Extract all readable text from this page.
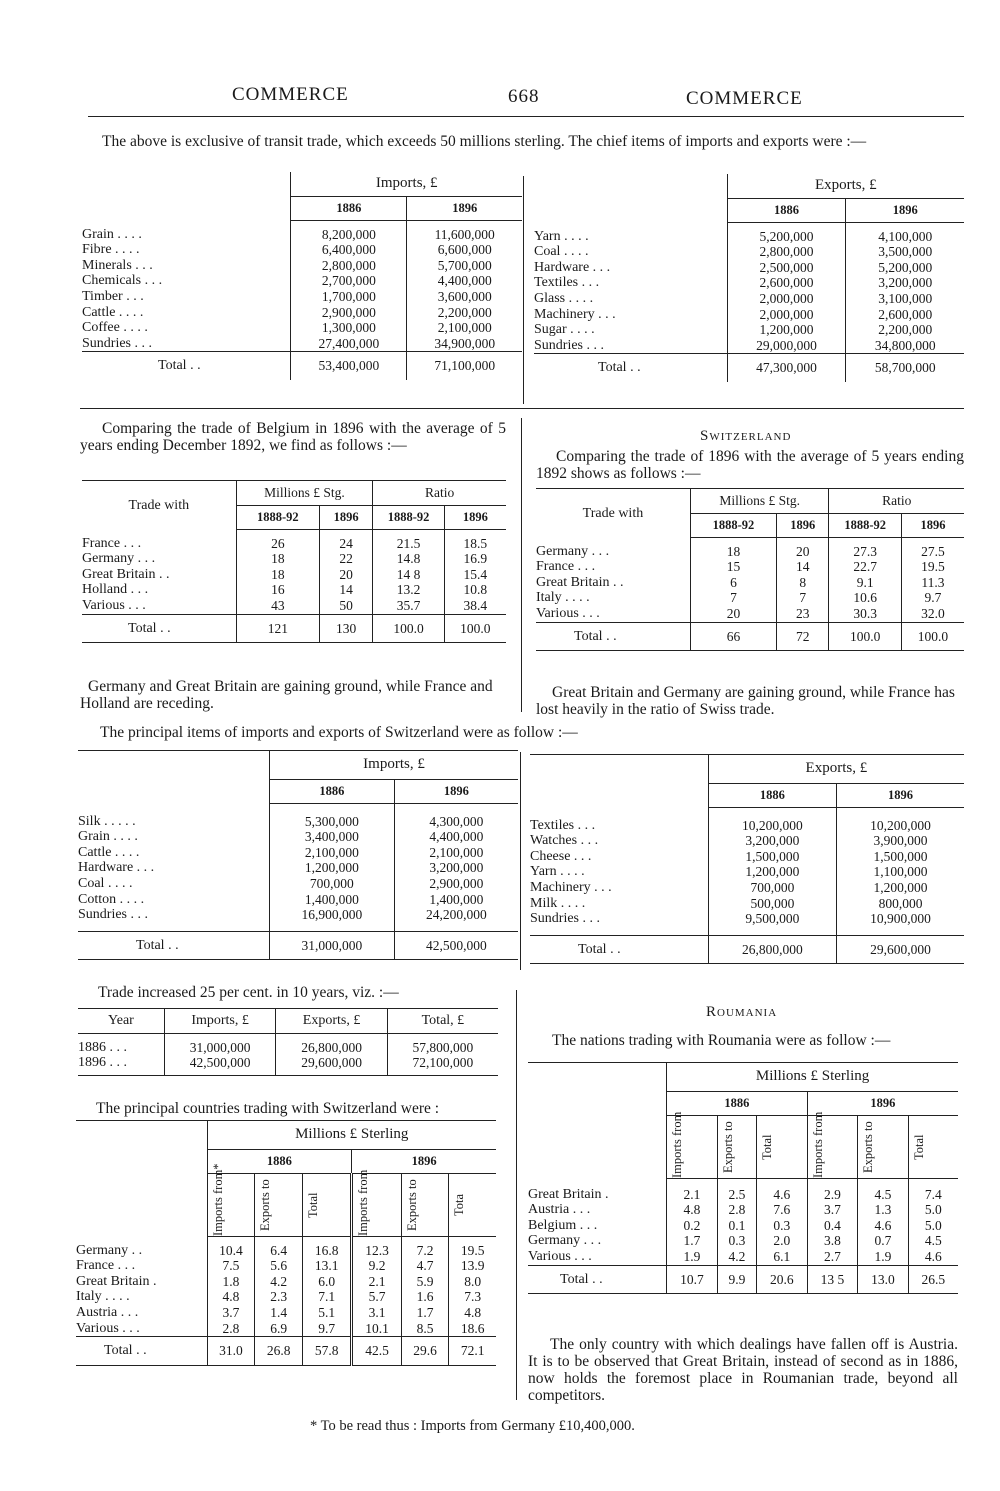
COMMERCE	668	COMMERCE
The above is exclusive of transit trade, which exceeds 50 millions sterling. The chief items of imports and exports were :—
	Imports, £	
	1886	1896

Grain . . . .	8,200,000	11,600,000
Fibre . . . .	6,400,000	6,600,000
Minerals . . .	2,800,000	5,700,000
Chemicals . . .	2,700,000	4,400,000
Timber . . .	1,700,000	3,600,000
Cattle . . . .	2,900,000	2,200,000
Coffee . . . .	1,300,000	2,100,000
Sundries . . .	27,400,000	34,900,000
Total . .	53,400,000	71,100,000
	Exports, £	
	1886	1896

Yarn . . . .	5,200,000	4,100,000
Coal . . . .	2,800,000	3,500,000
Hardware . . .	2,500,000	5,200,000
Textiles . . .	2,600,000	3,200,000
Glass . . . .	2,000,000	3,100,000
Machinery . . .	2,000,000	2,600,000
Sugar . . . .	1,200,000	2,200,000
Sundries . . .	29,000,000	34,800,000
Total . .	47,300,000	58,700,000
Comparing the trade of Belgium in 1896 with the average of 5 years ending December 1892, we find as follows :—
Trade with	Millions £ Stg.		Ratio	
	1888-92	1896	1888-92	1896

France . . .	26	24	21.5	18.5
Germany . . .	18	22	14.8	16.9
Great Britain . .	18	20	14 8	15.4
Holland . . .	16	14	13.2	10.8
Various . . .	43	50	35.7	38.4
Total . .	121	130	100.0	100.0
Germany and Great Britain are gaining ground, while France and Holland are receding.
Switzerland
Comparing the trade of 1896 with the average of 5 years ending 1892 shows as follows :—
Trade with	Millions £ Stg.		Ratio	
	1888-92	1896	1888-92	1896

Germany . . .	18	20	27.3	27.5
France . . .	15	14	22.7	19.5
Great Britain . .	6	8	9.1	11.3
Italy . . . .	7	7	10.6	9.7
Various . . .	20	23	30.3	32.0
Total . .	66	72	100.0	100.0
Great Britain and Germany are gaining ground, while France has lost heavily in the ratio of Swiss trade.
The principal items of imports and exports of Switzerland were as follow :—
	Imports, £	
	1886	1896

Silk . . . . .	5,300,000	4,300,000
Grain . . . .	3,400,000	4,400,000
Cattle . . . .	2,100,000	2,100,000
Hardware . . .	1,200,000	3,200,000
Coal . . . .	700,000	2,900,000
Cotton . . . .	1,400,000	1,400,000
Sundries . . .	16,900,000	24,200,000

Total . .	31,000,000	42,500,000
	Exports, £	
	1886	1896

Textiles . . .	10,200,000	10,200,000
Watches . . .	3,200,000	3,900,000
Cheese . . .	1,500,000	1,500,000
Yarn . . . .	1,200,000	1,100,000
Machinery . . .	700,000	1,200,000
Milk . . . .	500,000	800,000
Sundries . . .	9,500,000	10,900,000

Total . .	26,800,000	29,600,000
Trade increased 25 per cent. in 10 years, viz. :—
Year	Imports, £	Exports, £	Total, £

1886 . . .	31,000,000	26,800,000	57,800,000
1896 . . .	42,500,000	29,600,000	72,100,000

The principal countries trading with Switzerland were :
	Millions £ Sterling					
	1886			1896		

	Imports from*	Exports to	Total	Imports from	Exports to	Tota

Germany . .	10.4	6.4	16.8	12.3	7.2	19.5
France . . .	7.5	5.6	13.1	9.2	4.7	13.9
Great Britain .	1.8	4.2	6.0	2.1	5.9	8.0
Italy . . . .	4.8	2.3	7.1	5.7	1.6	7.3
Austria . . .	3.7	1.4	5.1	3.1	1.7	4.8
Various . . .	2.8	6.9	9.7	10.1	8.5	18.6
Total . .	31.0	26.8	57.8	42.5	29.6	72.1
Roumania
The nations trading with Roumania were as follow :—
	Millions £ Sterling					
	1886			1896		

	Imports from	Exports to	Total	Imports from	Exports to	Total

Great Britain .	2.1	2.5	4.6	2.9	4.5	7.4
Austria . . .	4.8	2.8	7.6	3.7	1.3	5.0
Belgium . . .	0.2	0.1	0.3	0.4	4.6	5.0
Germany . . .	1.7	0.3	2.0	3.8	0.7	4.5
Various . . .	1.9	4.2	6.1	2.7	1.9	4.6
Total . .	10.7	9.9	20.6	13 5	13.0	26.5
The only country with which dealings have fallen off is Austria. It is to be observed that Great Britain, instead of second as in 1886, now holds the foremost place in Roumanian trade, beyond all competitors.
* To be read thus : Imports from Germany £10,400,000.
